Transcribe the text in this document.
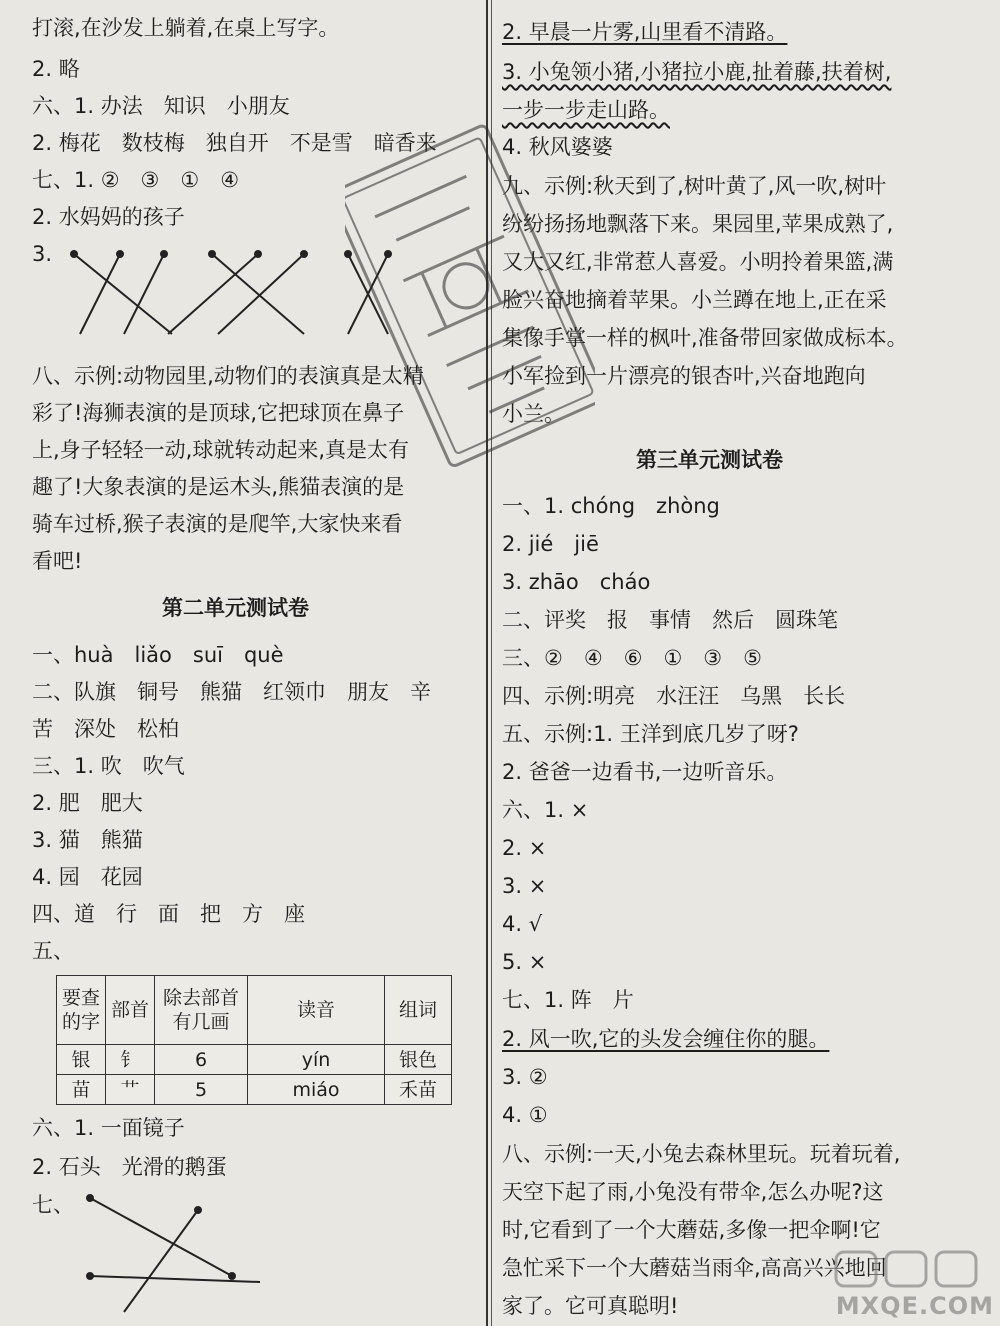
打滚,在沙发上躺着,在桌上写字。
2. 略
六、1. 办法　知识　小朋友
2. 梅花　数枝梅　独自开　不是雪　暗香来
七、1. ②　③　①　④
2. 水妈妈的孩子
3.
八、示例:动物园里,动物们的表演真是太精
彩了!海狮表演的是顶球,它把球顶在鼻子
上,身子轻轻一动,球就转动起来,真是太有
趣了!大象表演的是运木头,熊猫表演的是
骑车过桥,猴子表演的是爬竿,大家快来看
看吧!
第二单元测试卷
一、huà　liǎo　suī　què
二、队旗　铜号　熊猫　红领巾　朋友　辛
苦　深处　松柏
三、1. 吹　吹气
2. 肥　肥大
3. 猫　熊猫
4. 园　花园
四、道　行　面　把　方　座
五、
六、1. 一面镜子
2. 石头　光滑的鹅蛋
七、
要查的字	部首	除去部首有几画	读音	组词
银	钅	6	yín	银色
苗	艹	5	miáo	禾苗
2. 早晨一片雾,山里看不清路。
3. 小兔领小猪,小猪拉小鹿,扯着藤,扶着树,
一步一步走山路。
4. 秋风婆婆
九、示例:秋天到了,树叶黄了,风一吹,树叶
纷纷扬扬地飘落下来。果园里,苹果成熟了,
又大又红,非常惹人喜爱。小明拎着果篮,满
脸兴奋地摘着苹果。小兰蹲在地上,正在采
集像手掌一样的枫叶,准备带回家做成标本。
小军捡到一片漂亮的银杏叶,兴奋地跑向
小兰。
第三单元测试卷
一、1. chóng　zhòng
2. jié　jiē
3. zhāo　cháo
二、评奖　报　事情　然后　圆珠笔
三、②　④　⑥　①　③　⑤
四、示例:明亮　水汪汪　乌黑　长长
五、示例:1. 王洋到底几岁了呀?
2. 爸爸一边看书,一边听音乐。
六、1. ×
2. ×
3. ×
4. √
5. ×
七、1. 阵　片
2. 风一吹,它的头发会缠住你的腿。
3. ②
4. ①
八、示例:一天,小兔去森林里玩。玩着玩着,
天空下起了雨,小兔没有带伞,怎么办呢?这
时,它看到了一个大蘑菇,多像一把伞啊!它
急忙采下一个大蘑菇当雨伞,高高兴兴地回
家了。它可真聪明!	MXQE.COM
